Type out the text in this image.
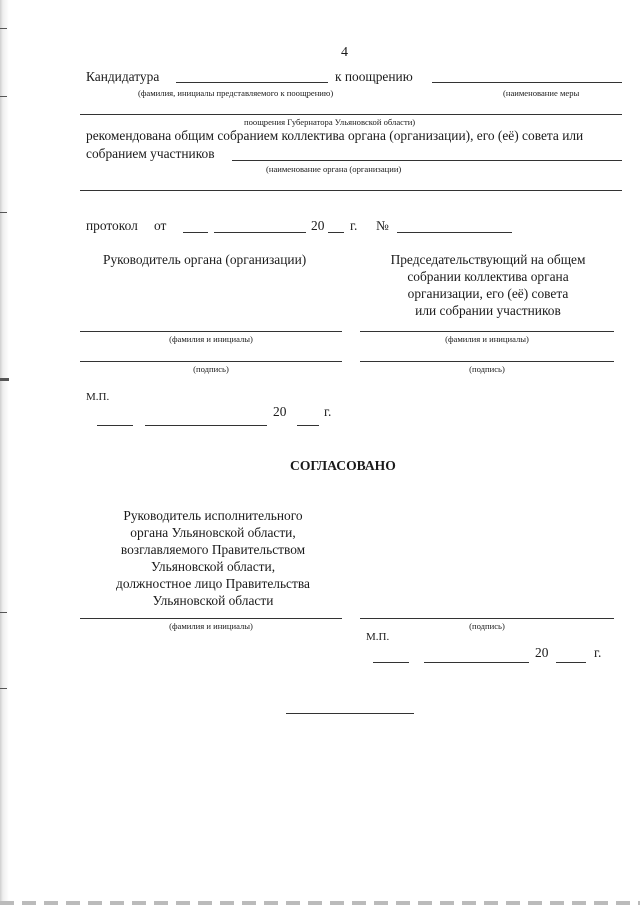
4
Кандидатура	к поощрению
(фамилия, инициалы представляемого к поощрению)	(наименование меры
поощрения Губернатора Ульяновской области)
рекомендована общим собранием коллектива органа (организации), его (её) совета или
собранием участников
(наименование органа (организации)
протокол от	20 г. №
Руководитель органа (организации)	Председательствующий на общем
собрании коллектива органа
организации, его (её) совета
или собрании участников
(фамилия и инициалы)	(фамилия и инициалы)
(подпись)	(подпись)
М.П.
20	г.
СОГЛАСОВАНО
Руководитель исполнительного
органа Ульяновской области,
возглавляемого Правительством
Ульяновской области,
должностное лицо Правительства
Ульяновской области
(фамилия и инициалы)	(подпись)
М.П.
20	г.
